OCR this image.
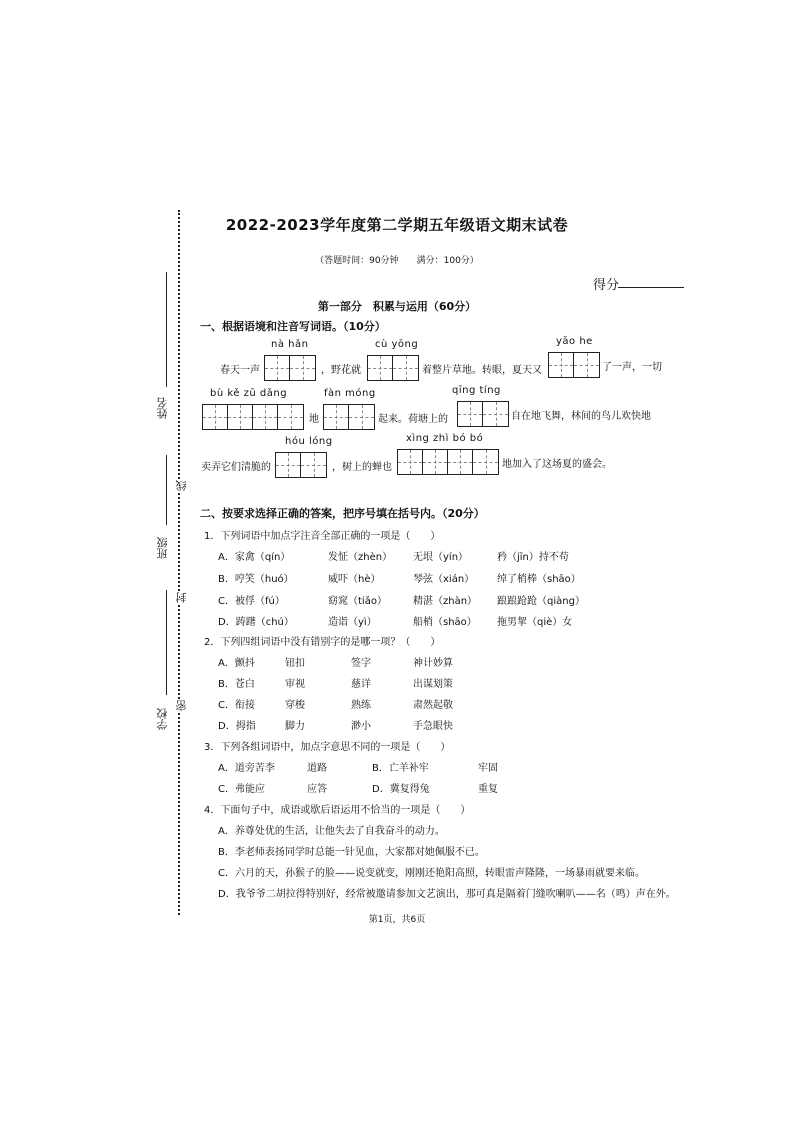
姓名
班级
学校
线
封
密
2022-2023学年度第二学期五年级语文期末试卷
（答题时间：90分钟　　满分：100分）
得分
第一部分　积累与运用（60分）
一、根据语境和注音写词语。（10分）
nà hǎn	cù yōng	yāo he
春天一声	，野花就	着整片草地。转眼，夏天又	了一声，一切
bù kě zū dǎng	fàn móng	qīng tíng
地	起来。荷塘上的	自在地飞舞，林间的鸟儿欢快地
hóu lóng	xìng zhì bó bó
卖弄它们清脆的	，树上的蝉也	地加入了这场夏的盛会。
二、按要求选择正确的答案，把序号填在括号内。（20分）
1．下列词语中加点字注音全部正确的一项是（　　）
A．家禽（qín）	发怔（zhèn） 无垠（yín）	矜（jīn）持不苟
B．哼笑（huó）	威吓（hè）	琴弦（xián） 绰了梢棒（shāo）
C．被俘（fú）	窈窕（tiǎo）	精湛（zhàn） 踉踉跄跄（qiàng）
D．踌躇（chú）	造诣（yì）	船梢（shāo） 拖男挈（qiè）女
2．下列四组词语中没有错别字的是哪一项？（　　）
A．颤抖	钮扣	签字	神计妙算
B．苍白	审视	慈详	出谋划策
C．衔接	穿梭	熟练	肃然起敬
D．拇指	脚力	渺小	手急眼快
3．下列各组词语中，加点字意思不同的一项是（　　）
A．道旁苦李	道路	B．亡羊补牢	牢固
C．弗能应	应答	D．冀复得兔	重复
4．下面句子中，成语或歇后语运用不恰当的一项是（　　）
A．养尊处优的生活，让他失去了自我奋斗的动力。
B．李老师表扬同学时总能一针见血，大家都对她佩服不已。
C．六月的天，孙猴子的脸——说变就变，刚刚还艳阳高照，转眼雷声隆隆，一场暴雨就要来临。
D．我爷爷二胡拉得特别好，经常被邀请参加文艺演出，那可真是隔着门缝吹喇叭——名（鸣）声在外。
第1页，共6页
